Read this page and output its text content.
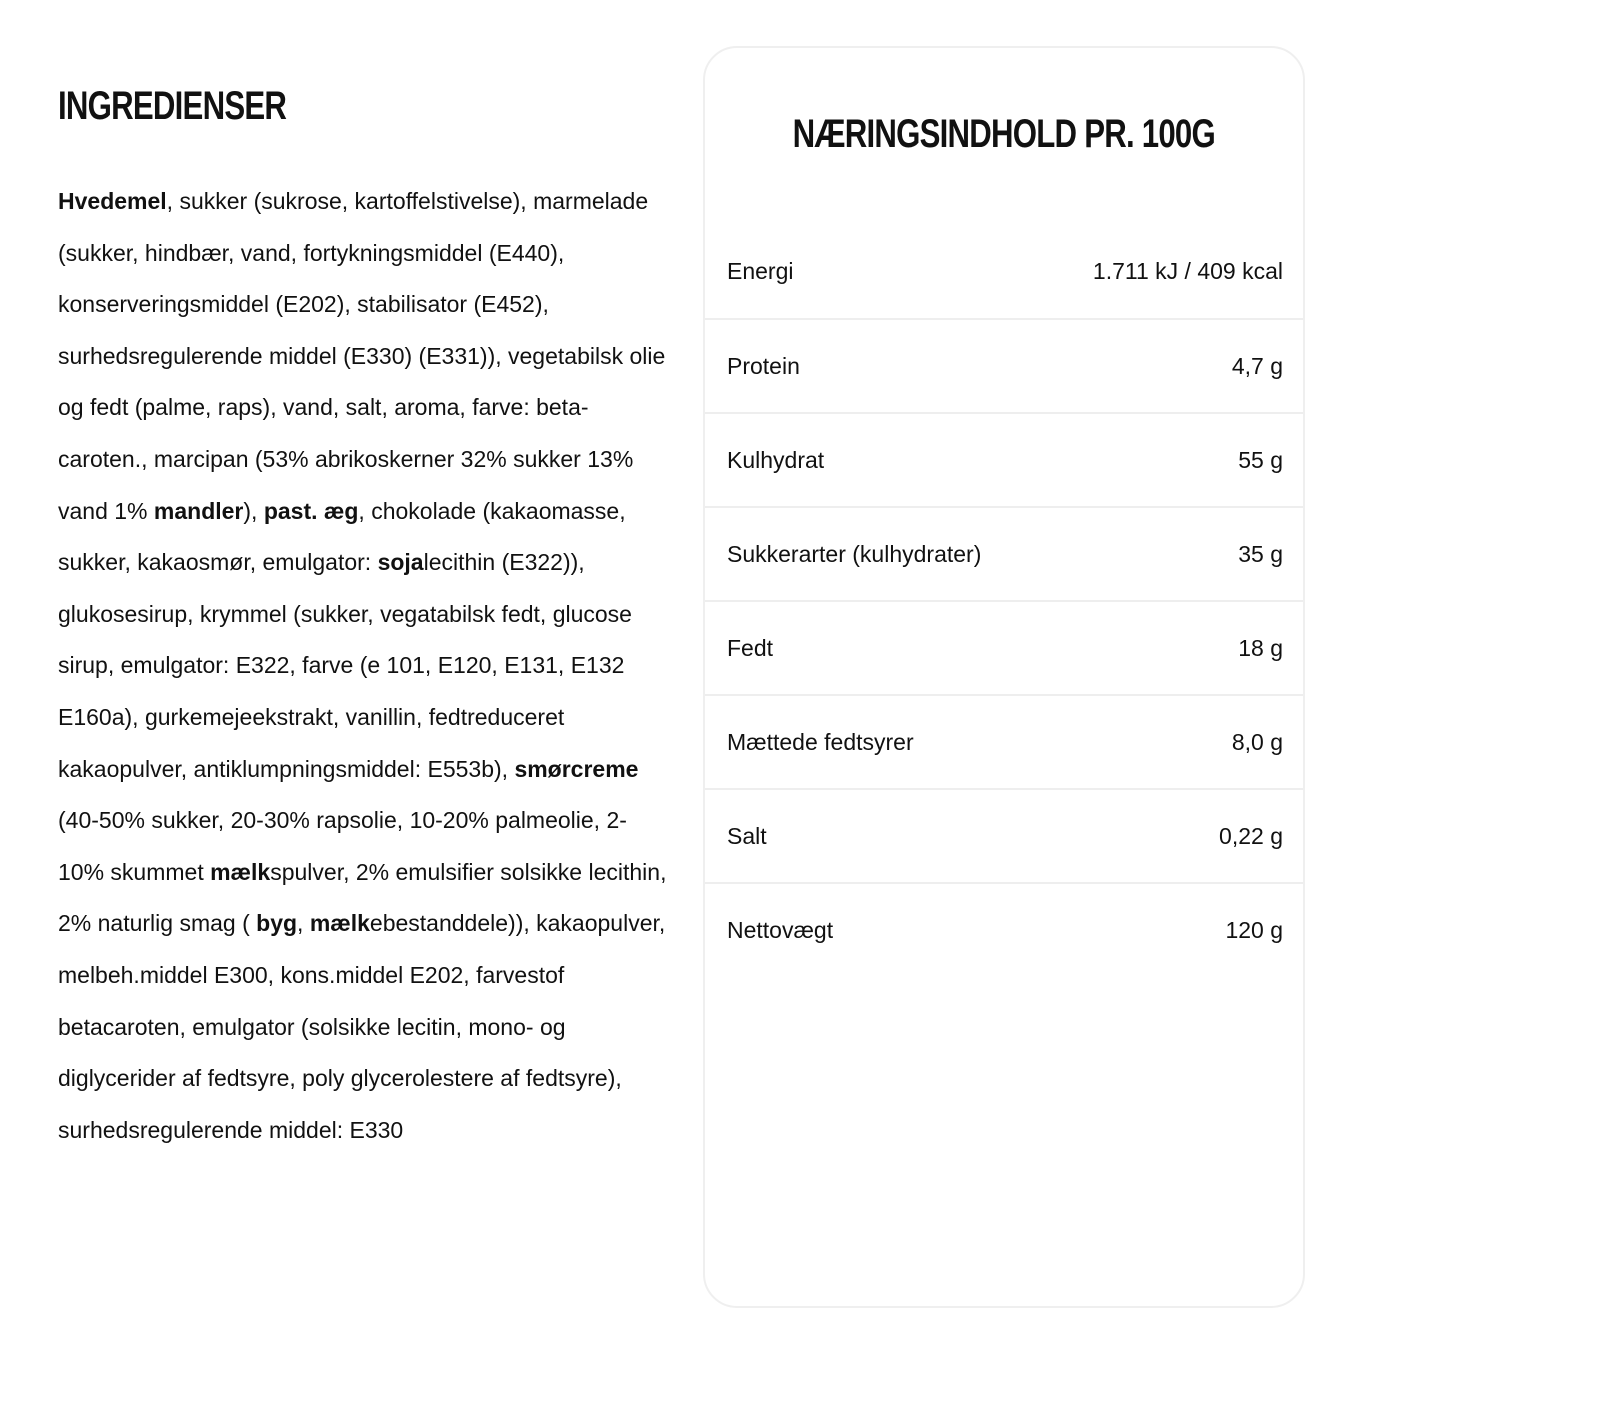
INGREDIENSER

Hvedemel, sukker (sukrose, kartoffelstivelse), marmelade (sukker, hindbær, vand, fortykningsmiddel (E440), konserveringsmiddel (E202), stabilisator (E452), surhedsregulerende middel (E330) (E331)), vegetabilsk olie og fedt (palme, raps), vand, salt, aroma, farve: beta-caroten., marcipan (53% abrikoskerner 32% sukker 13% vand 1% mandler), past. æg, chokolade (kakaomasse, sukker, kakaosmør, emulgator: sojalecithin (E322)), glukosesirup, krymmel (sukker, vegatabilsk fedt, glucose sirup, emulgator: E322, farve (e 101, E120, E131, E132 E160a), gurkemejeekstrakt, vanillin, fedtreduceret kakaopulver, antiklumpningsmiddel: E553b), smørcreme (40-50% sukker, 20-30% rapsolie, 10-20% palmeolie, 2-10% skummet mælkspulver, 2% emulsifier solsikke lecithin, 2% naturlig smag ( byg, mælkebestanddele)), kakaopulver, melbeh.middel E300, kons.middel E202, farvestof betacaroten, emulgator (solsikke lecitin, mono- og diglycerider af fedtsyre, poly glycerolestere af fedtsyre), surhedsregulerende middel: E330

NÆRINGSINDHOLD PR. 100G
Energi	1.711 kJ / 409 kcal
Protein	4,7 g
Kulhydrat	55 g
Sukkerarter (kulhydrater)	35 g
Fedt	18 g
Mættede fedtsyrer	8,0 g
Salt	0,22 g
Nettovægt	120 g
